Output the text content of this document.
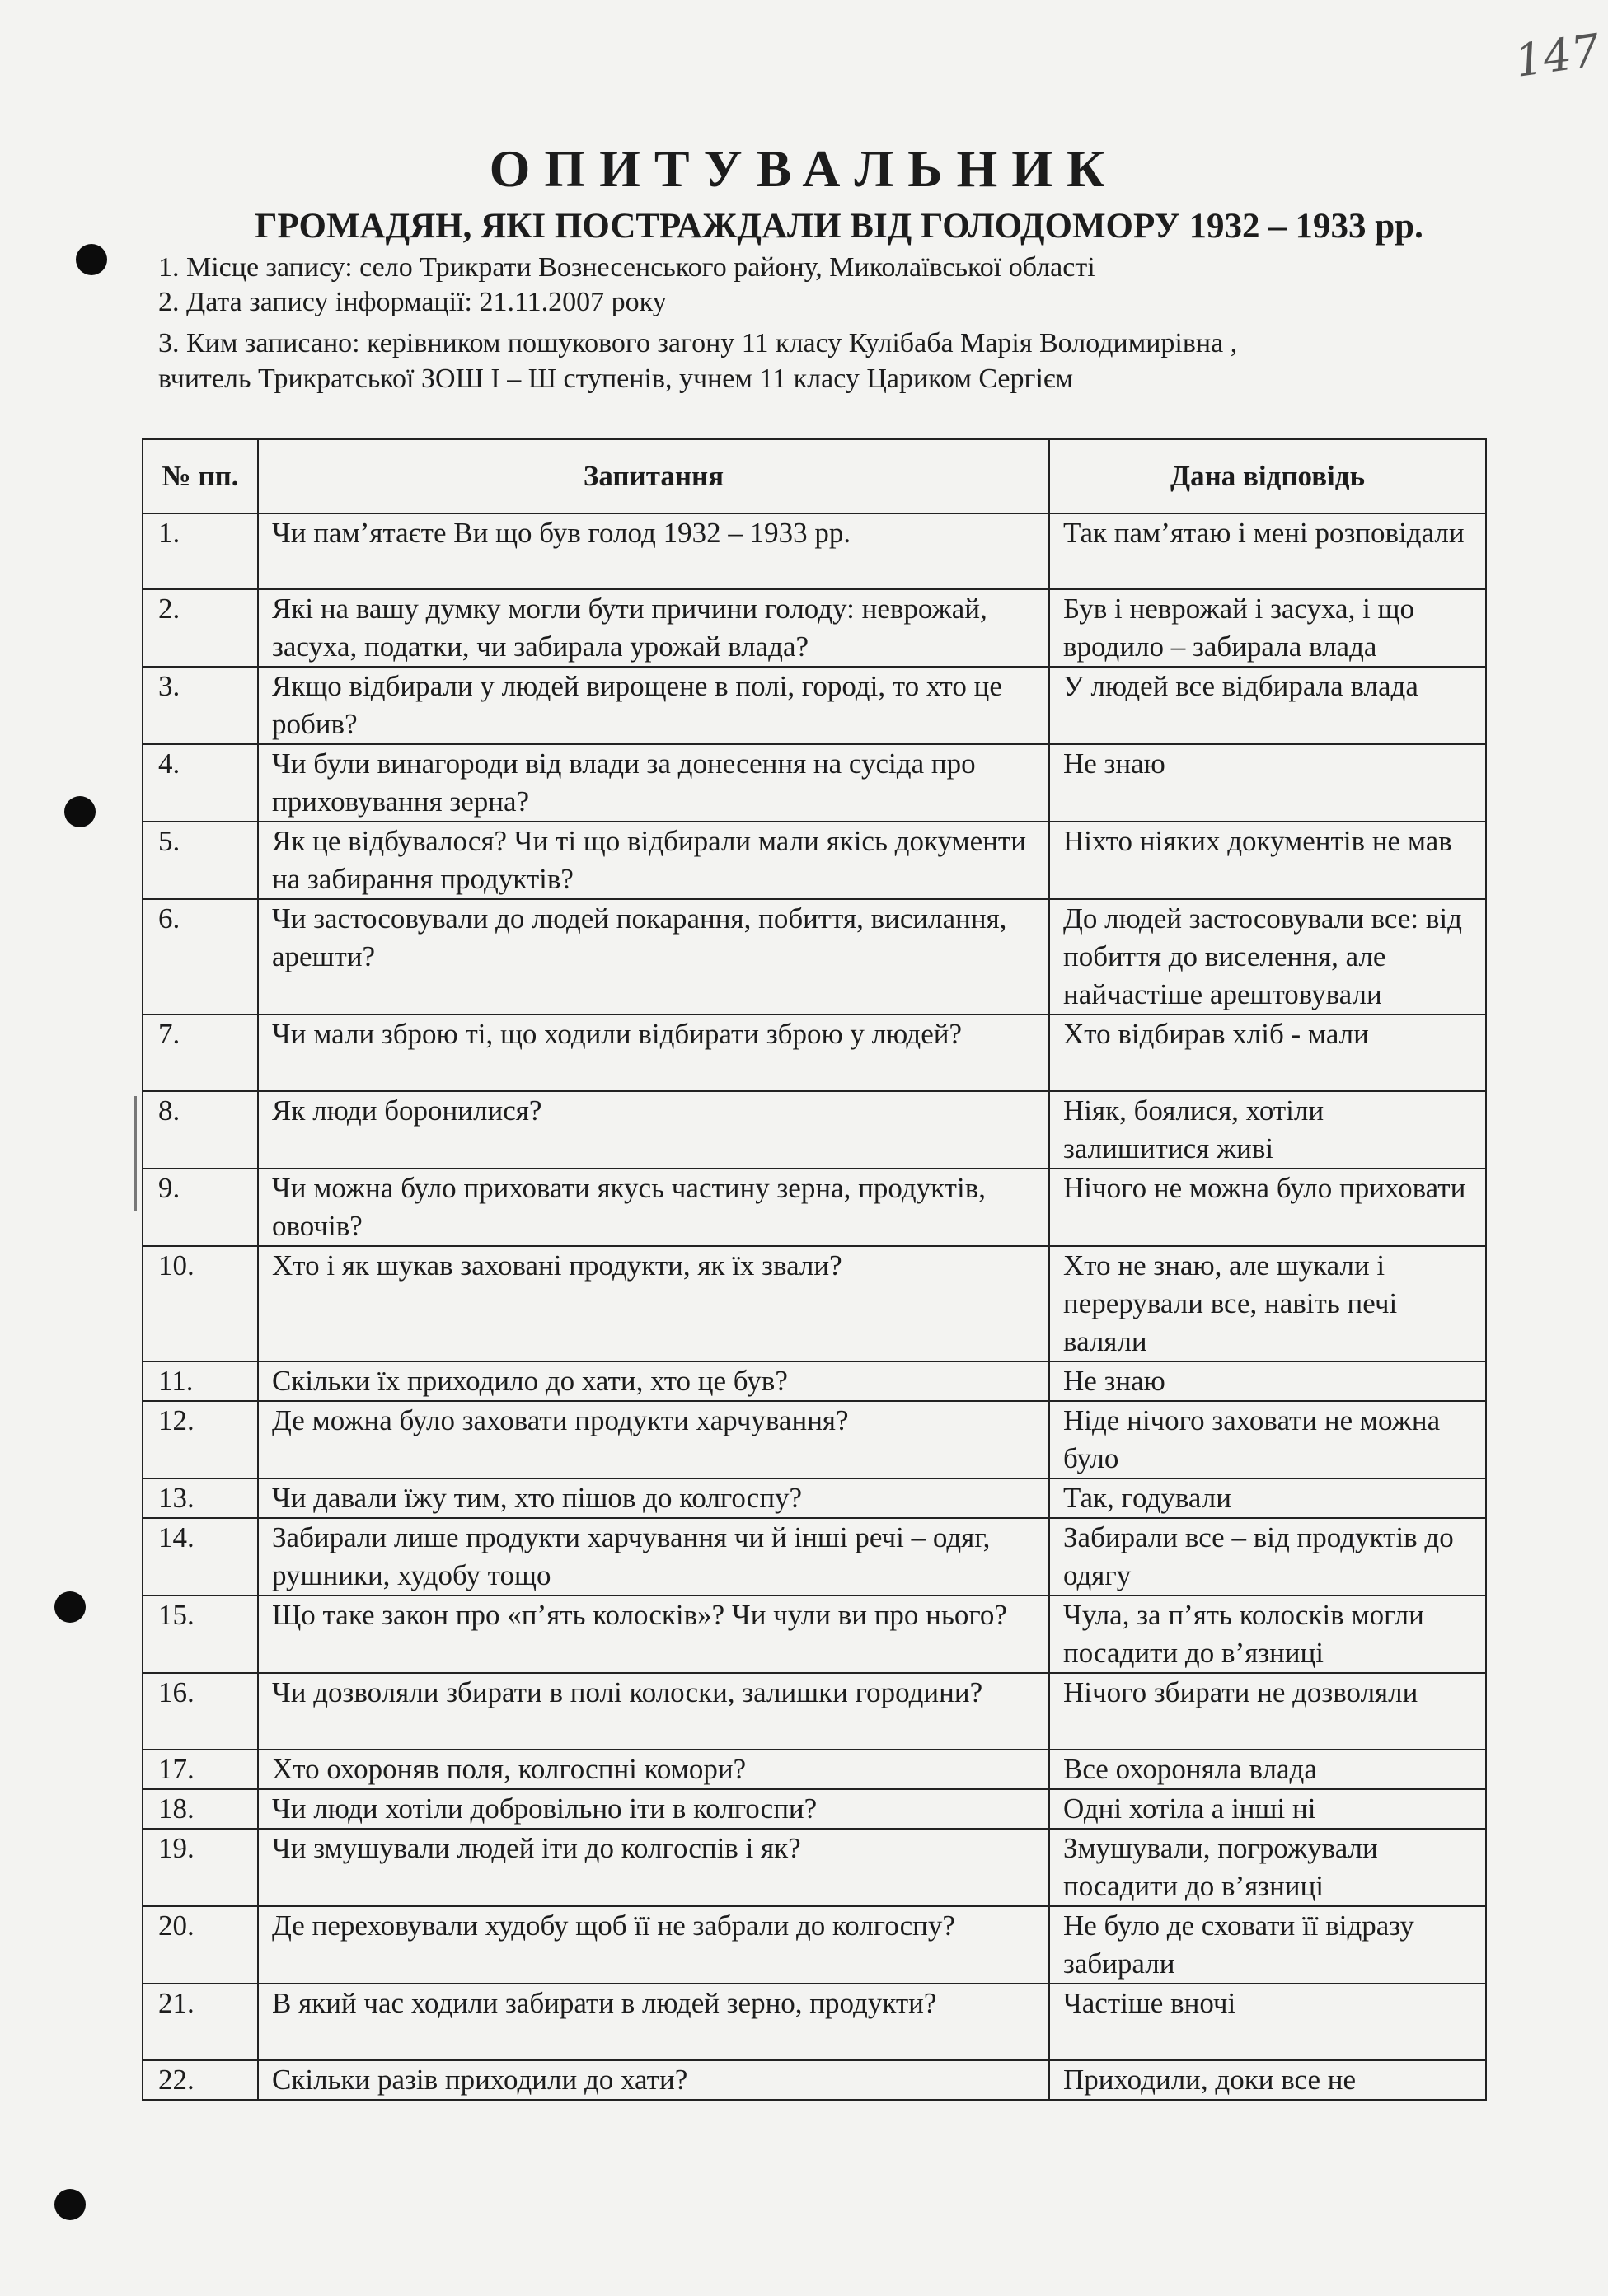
147
ОПИТУВАЛЬНИК
ГРОМАДЯН, ЯКІ ПОСТРАЖДАЛИ ВІД ГОЛОДОМОРУ 1932 – 1933 рр.
1. Місце запису: село Трикрати Вознесенського району, Миколаївської області
2. Дата запису інформації: 21.11.2007 року
3. Ким записано: керівником пошукового загону 11 класу Кулібаба Марія Володимирівна ,
вчитель Трикратської ЗОШ І – Ш ступенів, учнем 11 класу Цариком Сергієм
№ пп.	Запитання	Дана відповідь
1.	Чи пам’ятаєте Ви що був голод 1932 – 1933 рр.	Так пам’ятаю і мені розповідали
2.	Які на вашу думку могли бути причини голоду: неврожай, засуха, податки, чи забирала урожай влада?	Був і неврожай і засуха, і що вродило – забирала влада
3.	Якщо відбирали у людей вирощене в полі, городі, то хто це робив?	У людей все відбирала влада
4.	Чи були винагороди від влади за донесення на сусіда про приховування зерна?	Не знаю
5.	Як це відбувалося? Чи ті що відбирали мали якісь документи на забирання продуктів?	Ніхто ніяких документів не мав
6.	Чи застосовували до людей покарання, побиття, висилання, арешти?	До людей застосовували все: від побиття до виселення, але найчастіше арештовували
7.	Чи мали зброю ті, що ходили відбирати зброю у людей?	Хто відбирав хліб - мали
8.	Як люди боронилися?	Ніяк, боялися, хотіли залишитися живі
9.	Чи можна було приховати якусь частину зерна, продуктів, овочів?	Нічого не можна було приховати
10.	Хто і як шукав заховані продукти, як їх звали?	Хто не знаю, але шукали і перерували все, навіть печі валяли
11.	Скільки їх приходило до хати, хто це був?	Не знаю
12.	Де можна було заховати продукти харчування?	Ніде нічого заховати не можна було
13.	Чи давали їжу тим, хто пішов до колгоспу?	Так, годували
14.	Забирали лише продукти харчування чи й інші речі – одяг, рушники, худобу тощо	Забирали все – від продуктів до одягу
15.	Що таке закон про «п’ять колосків»? Чи чули ви про нього?	Чула, за п’ять колосків могли посадити до в’язниці
16.	Чи дозволяли збирати в полі колоски, залишки городини?	Нічого збирати не дозволяли
17.	Хто охороняв поля, колгоспні комори?	Все охороняла влада
18.	Чи люди хотіли добровільно іти в колгоспи?	Одні хотіла а інші ні
19.	Чи змушували людей іти до колгоспів і як?	Змушували, погрожували посадити до в’язниці
20.	Де переховували худобу щоб її не забрали до колгоспу?	Не було де сховати її відразу забирали
21.	В який час ходили забирати в людей зерно, продукти?	Частіше вночі
22.	Скільки разів приходили до хати?	Приходили, доки все не
